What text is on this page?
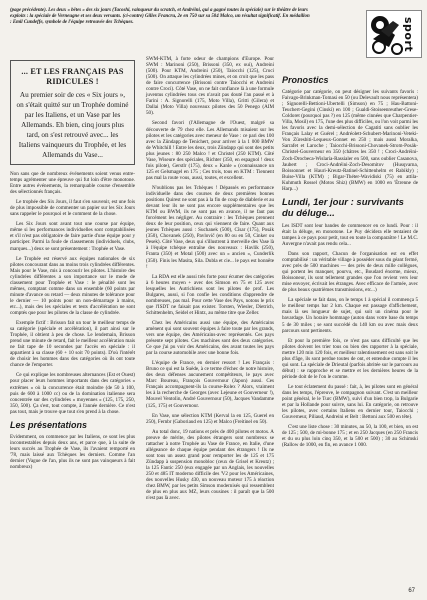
(page précédente). Les deux « bêtes » des six jours (Tacoshi, vainqueur du scratch, et Andréini, qui a gagné toutes la spéciale) sur le théâtre de leurs exploits : la spéciale de Verneugne et ses deux versants. (ci-contre) Gilles Francru, 2e en 750 sur sa 504 Malco, un résultat significatif. En médaillon : Emil Cundeffe, symbole de l'équipe retrouvée des Tchèques.	sport
... ET LES FRANÇAIS PAS RIDICULES !
Au premier soir de ces « Six jours », on s'était quitté sur un Trophée dominé par les Italiens, et un Vase par les Allemands. Eh bien, cinq jours plus tard, on s'est retrouvé avec... les Italiens vainqueurs du Trophée, et les Allemands du Vase...

Non sans que de nombreux événements soient venus entre-temps agrémenter une épreuve qui fut loin d'être monotone. Entre autres événements, la remarquable course d'ensemble des sélectionnés français.

Le trophée des Six Jours, il faut s'en souvenir, est une fois de plus impossible de commenter un papier sur les Six Jours sans rappeler le pourquoi et le comment de la chose.

Les Six Jours sont avant tout une course par équipe, même si les performances individuelles sont comptabilisées et s'il n'est pas obligatoire de faire partie d'une équipe pour y participer. Parmi la foule de classements (individuels, clubs, marques...) deux se sont présentement : Trophée et Vase.

Le Trophée est réservé aux équipes nationales de six pilotes concourant dans au moins trois cylindrées différentes. Mais pour le Vase, mis à concourir les pilotes. L'histoire des cylindrées différentes a son importance sur le mode de classement pour Trophée et Vase : le pénalité sont les mêmes, comptant comme dans un ensemble (60 points par minute d'avance ou retard — deux minutes de tolérance pour le dernier — 10 points pour un non-démarrage à mains, etc...), mais des les spéciales et tests d'accélération ne sont comptés que pour les pilotes de la classe de cylindrée.

Exemple fictif : Brisson fait un tour le meilleur temps de sa catégorie (spéciale et accélération), il part ainsi sur le Trophée, il obtient à peu de chose. Le lendemain, Brisson prend une minute de retard, fait le meilleur accélération mais ne fait tape de 10 secondes par l'accès en spéciale : il appartient à sa classe (60 + 10 soit 70 points). D'où l'intérêt de choisir les hommes dans des catégories où ils ont toute chance de l'emporter.

Ce qui explique les nombreuses alternances (Est et Ouest) pour placer leurs hommes importants dans des catégories « extrêmes » où la concurrence était moindre (de 50 à 100, puis de 600 à 1000 cc) ou de la domination italienne sera concentrée sur des cylindrées « moyennes » (125, 175, 250, 350, 500). Ça s'est, tout compte, à l'année dernière. Ce n'est pas tout, mais je trouve que tout s'en prend à la chose.

Les présentations

Evidemment, on commence par les Italiens, ce sont les plus inconstestables depuis deux ans, et parce que, à la suite de leurs succès au Trophée de Vase, ils l'avaient remporté en '78, mais laissé aux Tchèques les derniers. Comme l'an dernier (Vague de l'an, plus ils ne sont pas vainqueurs à fait nombreux)

SWM-KTM, à forte odeur de champions d'Europe. Pour SWM : Marinoni (250), Brissoni (350, ex oui), Andreini (500). Pour KTM, Andreini (250), Taiocchi (125), Croci (500). On attaque les cylindrées mines, et on croit que les pass de faire concurrence (Brissoni contre Taiocchi et Andreini contre Croci). Côté Vase, on ne fait confiance là à une formule juventus cylindrées tous ces n'avait pas douté l'an passé et à Farini : A. Signorelli (175, Moto Villa), Gritti (Gilera) et Dallai (Moto Villa) nouveaux pilotes des 50 Penego (AIM 50).

Second favori (l'Allemagne de l'Ouest, malgré sa découverte de 79 chez elle. Les Allemands misaient sur les pilotes et les catégories avec meneur de Vase : ce pari des 100 avec la Zündapp de Tenichert, pour arriver à la 1 000 BMW de Whitchill ! Entre les deux, trois Zündapp qui sont des petits plus jeunes : 80 250 Malco ! et Christel (250 KTM). Côté Vase, Wiseure des spéciales, Richter (350, en espagnol ! deux fois pilote), Gerstlr (175), deux « Kanle » (connaissance un 125 et Gelsmagel en 175 ; Ces trois, tous en KTM : Tiennent pas mal la route vous, aussi, toutes, et excellent.

N'oublions pas les Tchèques ! Dépassés en performance individuelle dans des courses de deux premières bonnes positions Quirest ne sont pas à la fin de coup de diablerie et au devant leur ils ne sont pas encore supplémentaires que les KTM ou BWM, ils ne sont pas en avance, il ne faut pas forcément les négliger. Au contraire : les Tchèques prennent deux de leur position, ceux qui viennent de faire. Quant aux jeunes Tchèques aussi : Suchanek (500), Cîsar (175), Posák (350), Chovanek (250), Pavlovič (en 80 ou en 50, Cinker ou Pesek). Côté Vase, deux qui s'illustrent à merveille des Vase là à l'équipe tchèque entraîne des nouveaux : Havlik (250), Franta (350) et Motal (500) avec un « ancien », Cunderlík (350). Finis les Masita, Sila. Dubla et cie... le pays est honnête !

La RDA est elle aussi très forte pour écumer des catégories à 6 heures moyen + avec des Simson en 75 et 125 avec lesquelles les Autrichiens sont les pilotes de prof. Les Bulgares, aussi, si l'on confie les conditions d'apprendre de nombreuses, pas mal. Pour cette Vase des Pays, notons le prix que l'ISDT ne faisait pas exister. Torsten, Wiesler, Dietrich, Schittenhelm, Seidel et Hintz, au même titre que Zeller.

Chez les Américains aussi une équipe, des Américains amènent qui sont souvent équipes à faire toute par les grands, vers une équipe, des Américains-avec représentés. Ces pays présente sept pilotes. Ces machines sont des deux catégories. Ce que j'ai pu voir des Américains, des avant toutes les pays par la course automobile avec une bonne fois.

L'équipe de France, en dernier ressort ! Les Français : Bruno ce qui est la Suède, à ce terme d'échec de notre histoire, des deux défenses aucunement compétiteurs, le pays avec Marc Boureau, François Gouvernour (Japon) aussi. Ces Français accompagnent-ils la course-Rolex ? Alors, vraiment les à la recherche de Georges (avec Lejeune et Gouverneur !), Mouvel Ventolin, André Gouvernour (50), Jacques Vandamme (125, 175) et Gouvernour.

En Vase, une sélection KTM (Kerval la en 125, Guerel en 250), Fernbr (Gaboriaud en 125) et Malco (Freitinel en 50).

Au total donc, 19 nations et près de 400 pilotes et motos. A preuve de mérite, des pilotes étrangers sont nombreux se rattacher à notre Trophée au Vase de France, en Italie, d'une allégeance de chaque équipe pendant des étrangers ! Ils ne sont tous un assez grand pour remporter les de 125 et 175 Zündapp à suspension monobloc (ceux de Grisel et Kreutz) ; la 125 Fantic 250 (eux engagée par un Anglais, les nouvelles 250 et 485 IT moderno difficile des 'V2 pour les Américaines, des nouvelles Husky 430, un nouveau moteur 175 à réaction chez BMW, par les petits Simson modernisés qui ressemblent de plus en plus aux MZ, leurs cousines : il paraît que la 500 n'est pas là avec.

Pronostics

Catégorie par catégorie, on peut désigner les suivants favoris : Faivago-Brinkman-Tomasi en 50 (ou Delevault nous représentera) ; Signorelli-Bettioni-Ubertelli (Simson) en 75 ; Hau-Battoni-Teuchert-Gegini (Cinski) en 100 ; Gualdi-Stoiseenreuther-Grese-Coldoret (pourquoi pas ?) en 125 (même cinnées que Charpentier-Villa, Mosil) en 175, l'une des plus difficiles, ou l'on voit parmi les les favoris avec la demi-sélection de Cagatiti sans oublier les Français Lalay et Guérel ; Andréolett-Schubert-Marinoni-Veteki-Von Züresbiti-Lequeux-Gonnet en 250 ; mais aussi Moralka, Sarrafet et Laroche ; Taiocchi-Brissoni-Chovanek-Strom-Posák-Christel-Gouverneur en 350 (châtres les 350 ! ; Croci-Andréini-Zoch-Drocbeca-Wislaría-Rassialer en 500, sans oublier Casanova, Jaubert ; Croci-Andréini-Zoch-Desomitov (Husqvarna, Boissonnet et Hauri-Kreutz-Ratinel-Schittenhelm et Rabikly) ; Buise-Villa (KTM) ; Bigar-Théter-Wavidiski (75) en attila-Kuhmuth Rossel (Motos Shiz) (BMW) en 1000 en 'Étrenne de Harp...)

Lundi, 1er jour : survivants du déluge...

Les ISDT sont leur bandes de commencer en ce lundi. Pour : il était la déluge, en monotone. Le Puy décidera elle tentaient de tampes à ce pays pour petit, tout en toute la comparaître ! Le M.C. Auvergne n'avait pas rendu cela...

Dans son rapport, Chacun de l'organisation est en effet comptabilisé : un véritable village à posséder sous du géant fermé, avec près de 500 machines — des près de deux mille collègues, qui portent les manquer, pourvu, etc., Boudard énorme, mieux, Boissoneur, ils sont tellement grandes que l'on revient vers leur mise envoyer, écrivait les étranges. Avec efficace de l'armée, avec de plus beaux quatrièmes transmissions, etc...)

La spéciale se fait dans, on le temps 1 à spécial il commença 5 le meilleur temps bar 2 km. Chaque est passage d'affichement, mais là ses longueur de sujet, qui soit un cinéma pour le bavardage. Un horaire hommage (auton dans votre base du temps 5 de 30 miles ; se sont succédé du 140 km ou avec mais deux parcours sont pertinents.

Et pour la première fois, ce n'est pas sans difficulté que les pilotes doivent les trier tous ou bien des rapporter à la spéciale, mettre 120 min 120 fois, et meilleur ralentissement est sans soit le plus d'âge, ils sont perdue toutes de ont, et entendue compte il les qui sont. La spéciale de Drieutal (parfois abritée sur le parcours au début) : se rapproche et se mettre et les dernières heures de la période doit de le l'on le comme.

Le tout éclatement du passé : fait, à, les pilotes sont en général dans les temps, l'épreuve, le compagnon suivant. C'est un meilleur point général, le le Turc (BMW), suivi d'un bien trop, la Bulgarie et par la Hollande pour suivre, sans lui. En catégorie, on retrouve les pilotes, avec certains Italiens en dernier tour, Taiocchi ; Gouverneur, Piliaud, Andreini et Belt : Bettoni aux 500 en tête).

C'est une liste chose : 30 minutes, au 50, la 100, et bien, on est de 125 ; 500, de mi-bonne 175 ; et en 250 Jacques (en 250 Francis et du ou plus loin cinq 350, et la 500 et 500) ; 30 au Schimski (Rallow de 1000, en fin, en avance 1 000.

67
